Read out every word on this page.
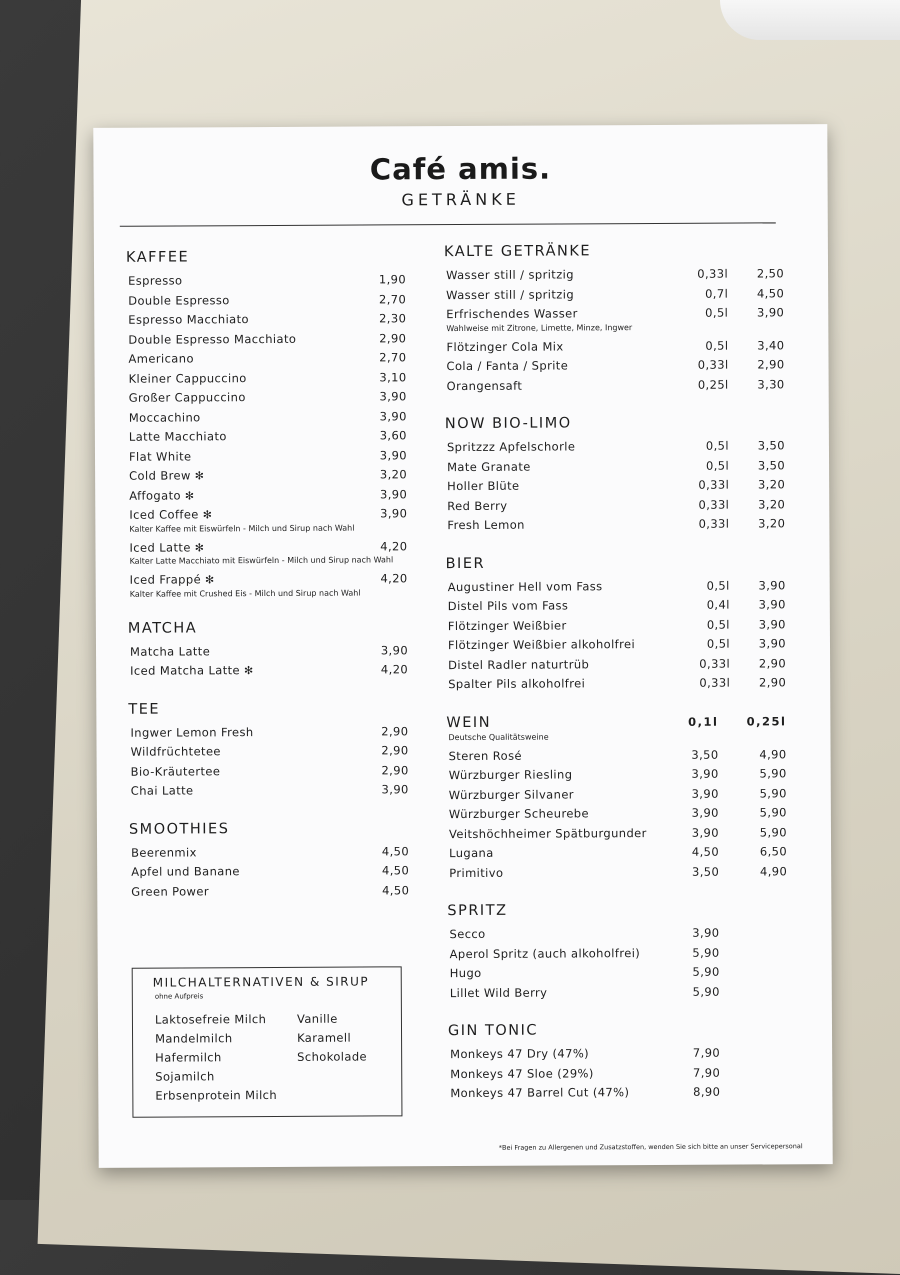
Café amis.
GETRÄNKE
KAFFEE
Espresso	1,90
Double Espresso	2,70
Espresso Macchiato	2,30
Double Espresso Macchiato	2,90
Americano	2,70
Kleiner Cappuccino	3,10
Großer Cappuccino	3,90
Moccachino	3,90
Latte Macchiato	3,60
Flat White	3,90
Cold Brew ✻	3,20
Affogato ✻	3,90
Iced Coffee ✻	3,90
Kalter Kaffee mit Eiswürfeln - Milch und Sirup nach Wahl
Iced Latte ✻	4,20
Kalter Latte Macchiato mit Eiswürfeln - Milch und Sirup nach Wahl
Iced Frappé ✻	4,20
Kalter Kaffee mit Crushed Eis - Milch und Sirup nach Wahl
MATCHA
Matcha Latte	3,90
Iced Matcha Latte ✻	4,20
TEE
Ingwer Lemon Fresh	2,90
Wildfrüchtetee	2,90
Bio-Kräutertee	2,90
Chai Latte	3,90
SMOOTHIES
Beerenmix	4,50
Apfel und Banane	4,50
Green Power	4,50
MILCHALTERNATIVEN & SIRUP
ohne Aufpreis
Laktosefreie Milch
Mandelmilch
Hafermilch
Sojamilch
Erbsenprotein Milch
Vanille
Karamell
Schokolade
KALTE GETRÄNKE
Wasser still / spritzig	0,33l	2,50
Wasser still / spritzig	0,7l	4,50
Erfrischendes Wasser	0,5l	3,90
Wahlweise mit Zitrone, Limette, Minze, Ingwer
Flötzinger Cola Mix	0,5l	3,40
Cola / Fanta / Sprite	0,33l	2,90
Orangensaft	0,25l	3,30
NOW BIO-LIMO
Spritzzz Apfelschorle	0,5l	3,50
Mate Granate	0,5l	3,50
Holler Blüte	0,33l	3,20
Red Berry	0,33l	3,20
Fresh Lemon	0,33l	3,20
BIER
Augustiner Hell vom Fass	0,5l	3,90
Distel Pils vom Fass	0,4l	3,90
Flötzinger Weißbier	0,5l	3,90
Flötzinger Weißbier alkoholfrei	0,5l	3,90
Distel Radler naturtrüb	0,33l	2,90
Spalter Pils alkoholfrei	0,33l	2,90
WEIN	0,1l	0,25l
Deutsche Qualitätsweine
Steren Rosé	3,50	4,90
Würzburger Riesling	3,90	5,90
Würzburger Silvaner	3,90	5,90
Würzburger Scheurebe	3,90	5,90
Veitshöchheimer Spätburgunder	3,90	5,90
Lugana	4,50	6,50
Primitivo	3,50	4,90
SPRITZ
Secco	3,90
Aperol Spritz (auch alkoholfrei)	5,90
Hugo	5,90
Lillet Wild Berry	5,90
GIN TONIC
Monkeys 47 Dry (47%)	7,90
Monkeys 47 Sloe (29%)	7,90
Monkeys 47 Barrel Cut (47%)	8,90
*Bei Fragen zu Allergenen und Zusatzstoffen, wenden Sie sich bitte an unser Servicepersonal
